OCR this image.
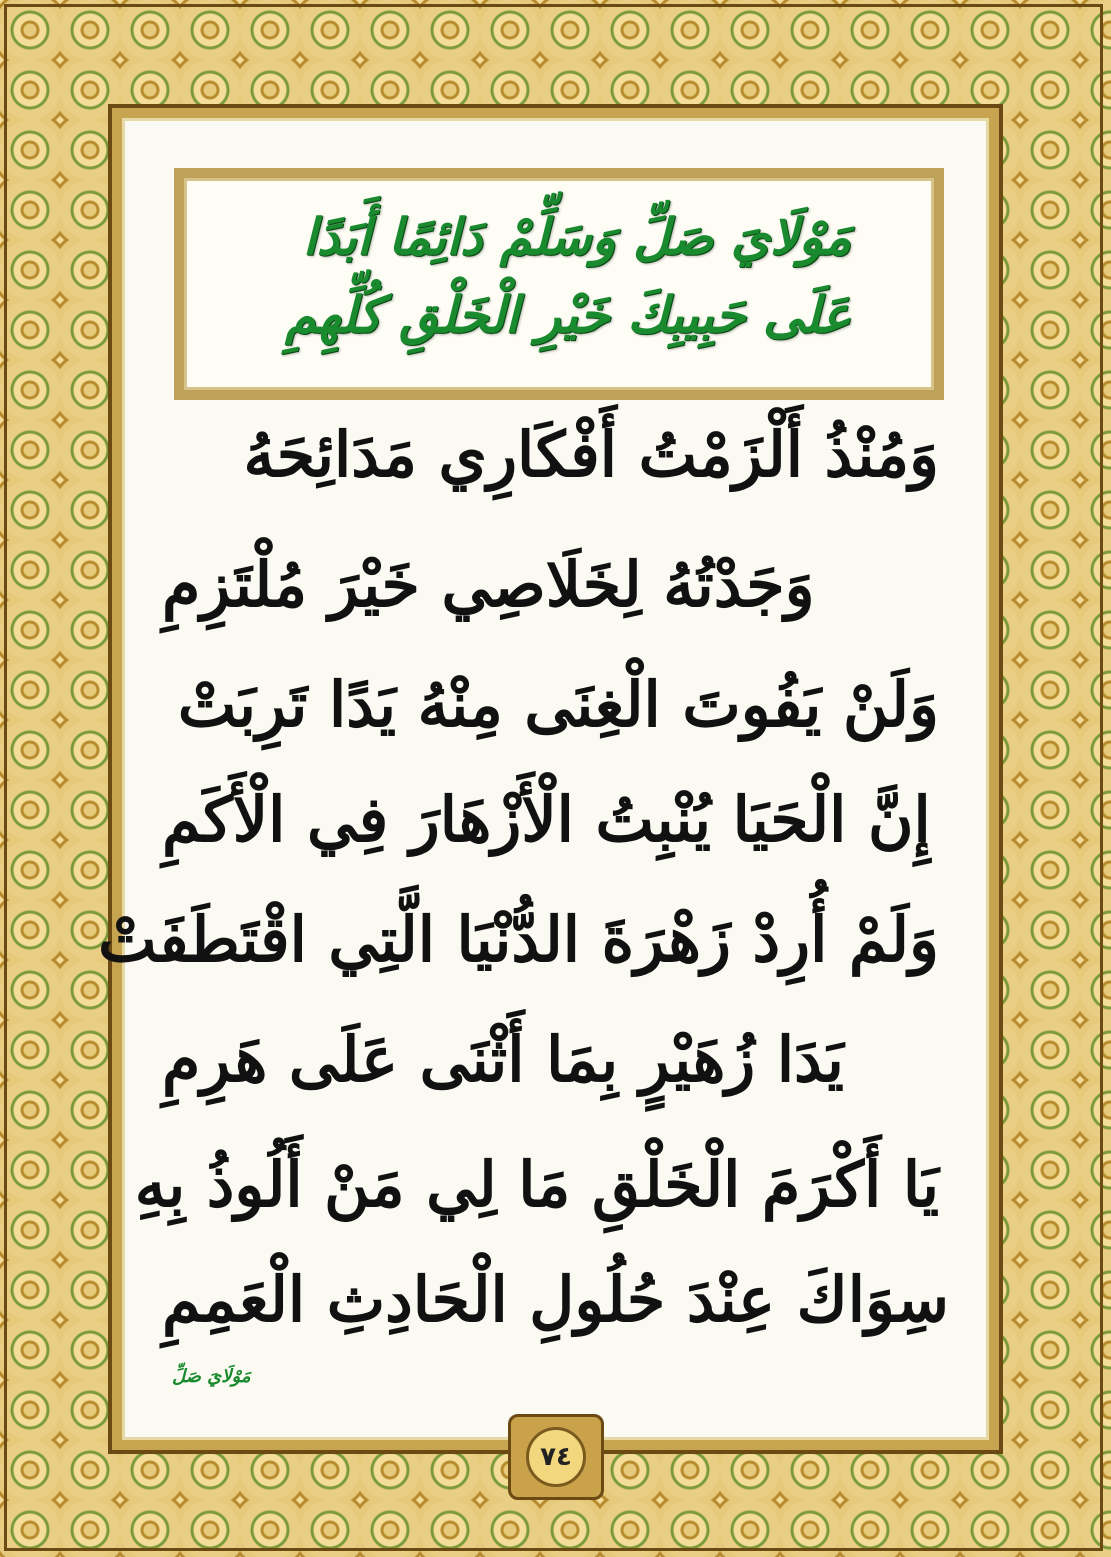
مَوْلَايَ صَلِّ وَسَلِّمْ دَائِمًا أَبَدًا
عَلَى حَبِيبِكَ خَيْرِ الْخَلْقِ كُلِّهِمِ
وَمُنْذُ أَلْزَمْتُ أَفْكَارِي مَدَائِحَهُ
وَجَدْتُهُ لِخَلَاصِي خَيْرَ مُلْتَزِمِ
وَلَنْ يَفُوتَ الْغِنَى مِنْهُ يَدًا تَرِبَتْ
إِنَّ الْحَيَا يُنْبِتُ الْأَزْهَارَ فِي الْأَكَمِ
وَلَمْ أُرِدْ زَهْرَةَ الدُّنْيَا الَّتِي اقْتَطَفَتْ
يَدَا زُهَيْرٍ بِمَا أَثْنَى عَلَى هَرِمِ
يَا أَكْرَمَ الْخَلْقِ مَا لِي مَنْ أَلُوذُ بِهِ
سِوَاكَ عِنْدَ حُلُولِ الْحَادِثِ الْعَمِمِ
مَوْلَايَ صَلِّ
٧٤
